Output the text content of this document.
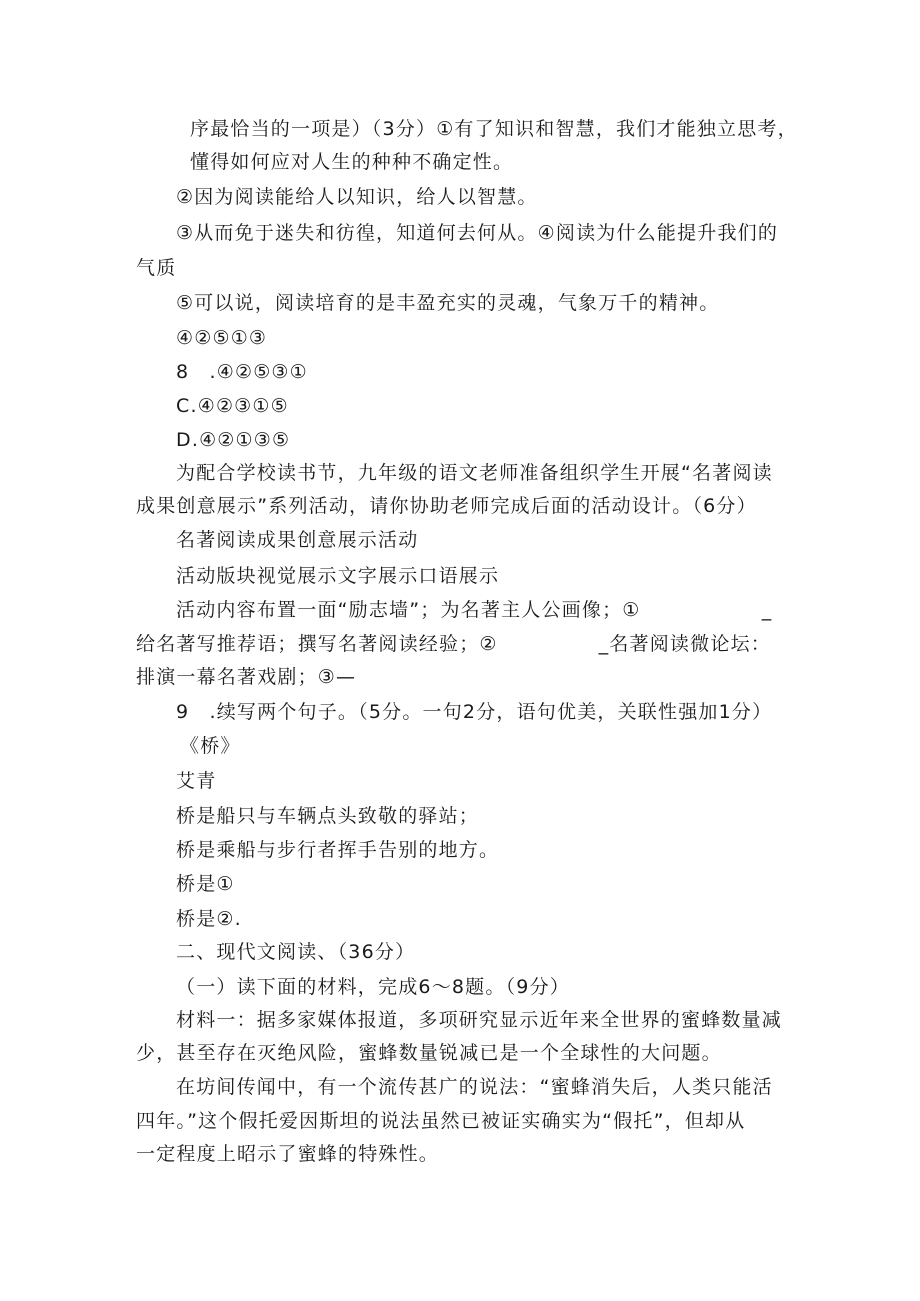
序最恰当的一项是）（3分）①有了知识和智慧，我们才能独立思考，
懂得如何应对人生的种种不确定性。
②因为阅读能给人以知识，给人以智慧。
③从而免于迷失和彷徨，知道何去何从。④阅读为什么能提升我们的
气质
⑤可以说，阅读培育的是丰盈充实的灵魂，气象万千的精神。
④②⑤①③
8　.④②⑤③①
C.④②③①⑤
D.④②①③⑤
为配合学校读书节，九年级的语文老师准备组织学生开展“名著阅读
成果创意展示”系列活动，请你协助老师完成后面的活动设计。（6分）
名著阅读成果创意展示活动
活动版块视觉展示文字展示口语展示
活动内容布置一面“励志墙”；为名著主人公画像；①　　　　　　_
给名著写推荐语；撰写名著阅读经验；②　　　　　_名著阅读微论坛：
排演一幕名著戏剧；③—
9　.续写两个句子。（5分。一句2分，语句优美，关联性强加1分）
《桥》
艾青
桥是船只与车辆点头致敬的驿站；
桥是乘船与步行者挥手告别的地方。
桥是①
桥是②.
二、现代文阅读、（36分）
（一）读下面的材料，完成6〜8题。（9分）
材料一：据多家媒体报道，多项研究显示近年来全世界的蜜蜂数量减
少，甚至存在灭绝风险，蜜蜂数量锐减已是一个全球性的大问题。
在坊间传闻中，有一个流传甚广的说法：“蜜蜂消失后，人类只能活
四年。”这个假托爱因斯坦的说法虽然已被证实确实为“假托”，但却从
一定程度上昭示了蜜蜂的特殊性。
